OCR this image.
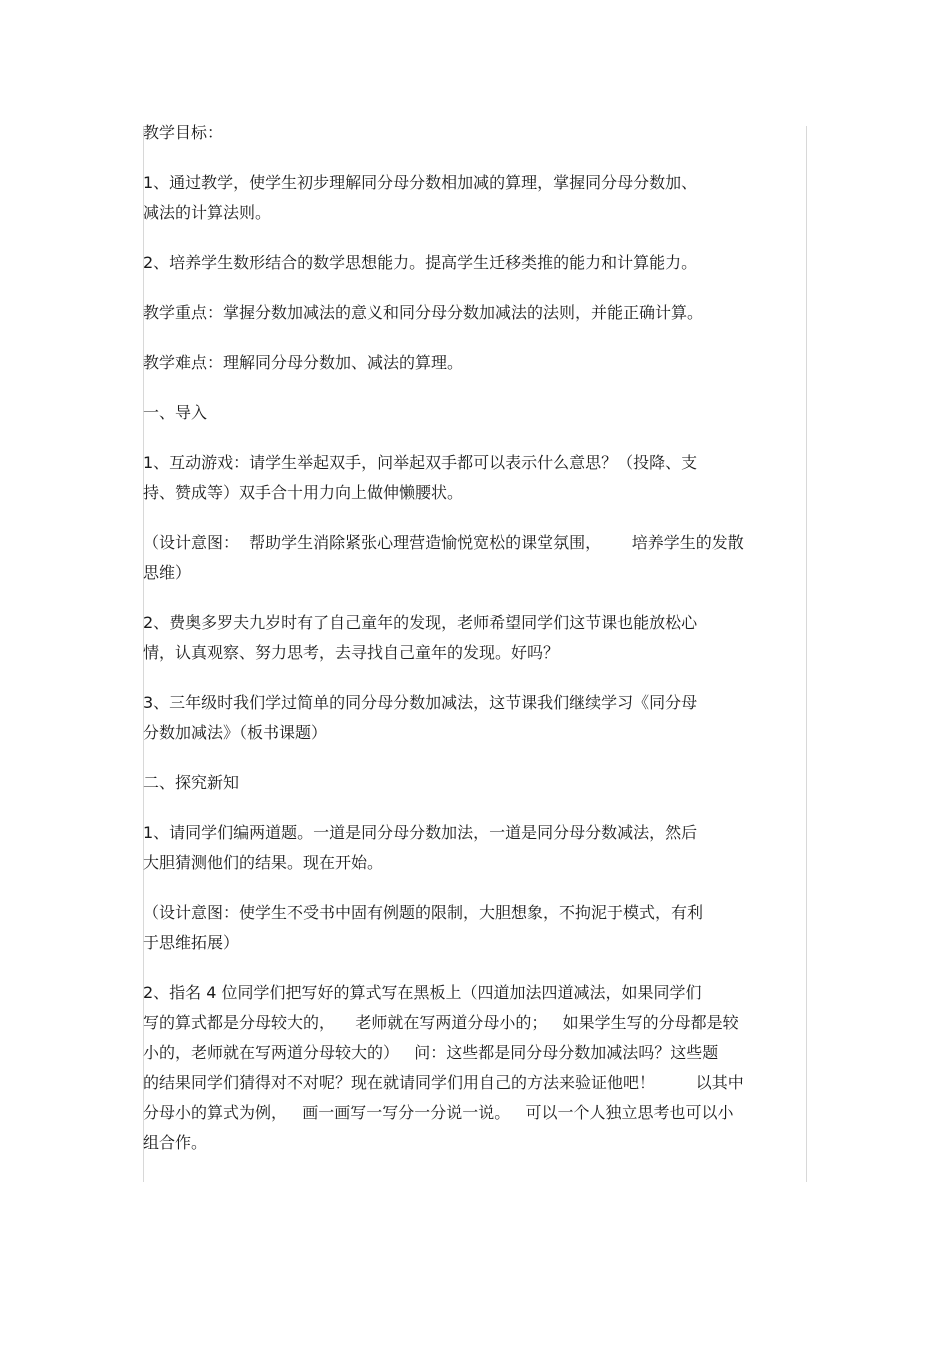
教学目标：
1、通过教学，使学生初步理解同分母分数相加减的算理，掌握同分母分数加、
减法的计算法则。
2、培养学生数形结合的数学思想能力。提高学生迁移类推的能力和计算能力。
教学重点：掌握分数加减法的意义和同分母分数加减法的法则，并能正确计算。
教学难点：理解同分母分数加、减法的算理。
一、导入
1、互动游戏：请学生举起双手，问举起双手都可以表示什么意思？（投降、支
持、赞成等）双手合十用力向上做伸懒腰状。
（设计意图：  帮助学生消除紧张心理营造愉悦宽松的课堂氛围，      培养学生的发散
思维）
2、费奥多罗夫九岁时有了自己童年的发现，老师希望同学们这节课也能放松心
情，认真观察、努力思考，去寻找自己童年的发现。好吗？
3、三年级时我们学过简单的同分母分数加减法，这节课我们继续学习《同分母
分数加减法》（板书课题）
二、探究新知
1、请同学们编两道题。一道是同分母分数加法，一道是同分母分数减法，然后
大胆猜测他们的结果。现在开始。
（设计意图：使学生不受书中固有例题的限制，大胆想象，不拘泥于模式，有利
于思维拓展）
2、指名 4 位同学们把写好的算式写在黑板上（四道加法四道减法，如果同学们
写的算式都是分母较大的，    老师就在写两道分母小的；   如果学生写的分母都是较
小的，老师就在写两道分母较大的）   问：这些都是同分母分数加减法吗？这些题
的结果同学们猜得对不对呢？现在就请同学们用自己的方法来验证他吧！        以其中
分母小的算式为例，   画一画写一写分一分说一说。   可以一个人独立思考也可以小
组合作。
